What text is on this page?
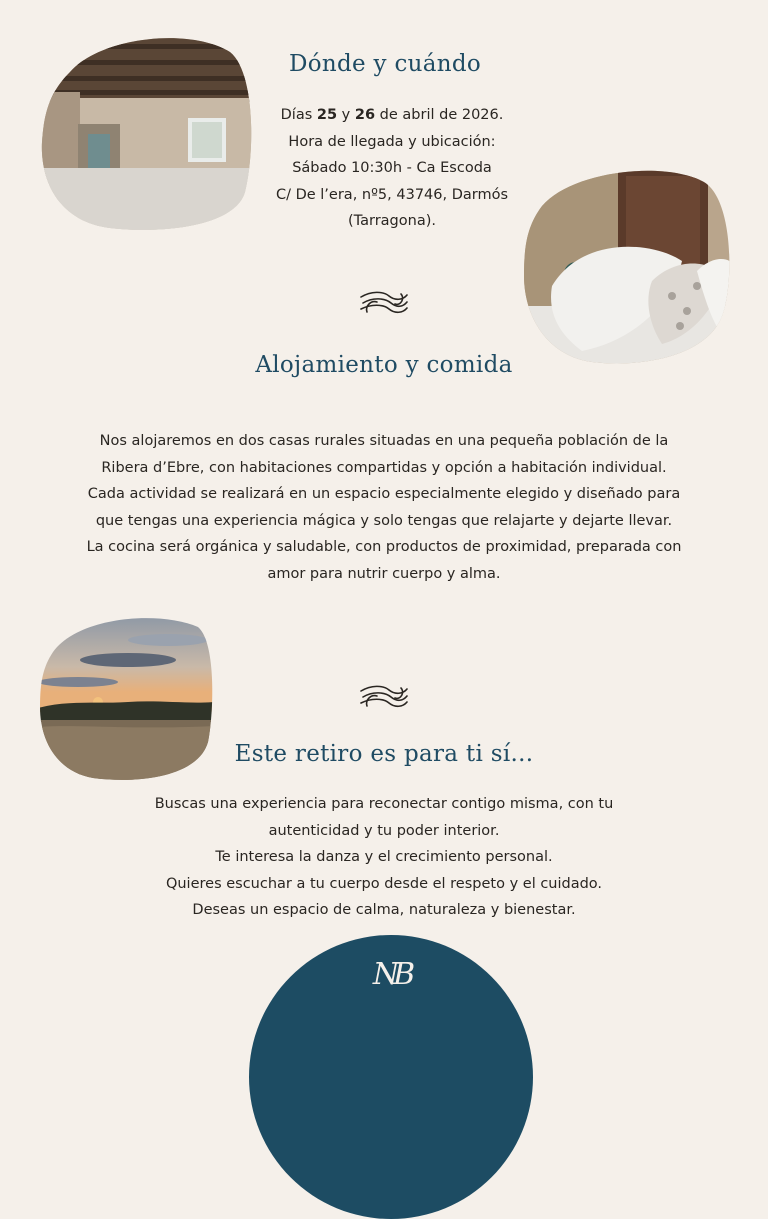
Dónde y cuándo

Días 25 y 26 de abril de 2026.
Hora de llegada y ubicación:
Sábado 10:30h - Ca Escoda
C/ De l’era, nº5, 43746, Darmós
(Tarragona).

Alojamiento y comida

Nos alojaremos en dos casas rurales situadas en una pequeña población de la
Ribera d’Ebre, con habitaciones compartidas y opción a habitación individual.
Cada actividad se realizará en un espacio especialmente elegido y diseñado para
que tengas una experiencia mágica y solo tengas que relajarte y dejarte llevar.
La cocina será orgánica y saludable, con productos de proximidad, preparada con
amor para nutrir cuerpo y alma.

Este retiro es para ti sí...

Buscas una experiencia para reconectar contigo misma, con tu
autenticidad y tu poder interior.
Te interesa la danza y el crecimiento personal.
Quieres escuchar a tu cuerpo desde el respeto y el cuidado.
Deseas un espacio de calma, naturaleza y bienestar.

NB
